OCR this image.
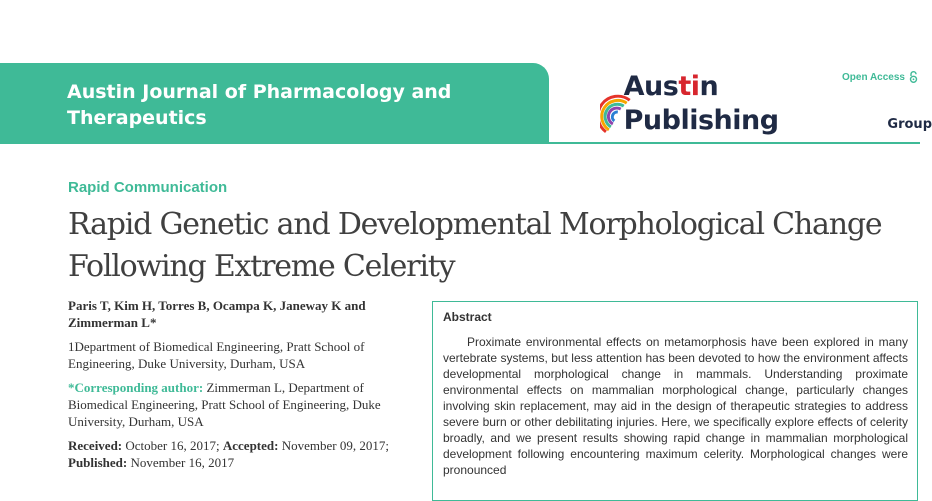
Austin Journal of Pharmacology and Therapeutics
Open Access
Austin Publishing	Group
Rapid Communication
Rapid Genetic and Developmental Morphological Change Following Extreme Celerity

Paris T, Kim H, Torres B, Ocampa K, Janeway K and Zimmerman L*

1Department of Biomedical Engineering, Pratt School of Engineering, Duke University, Durham, USA

*Corresponding author: Zimmerman L, Department of Biomedical Engineering, Pratt School of Engineering, Duke University, Durham, USA

Received: October 16, 2017; Accepted: November 09, 2017; Published: November 16, 2017

Abstract

Proximate environmental effects on metamorphosis have been explored in many vertebrate systems, but less attention has been devoted to how the environment affects developmental morphological change in mammals. Understanding proximate environmental effects on mammalian morphological change, particularly changes involving skin replacement, may aid in the design of therapeutic strategies to address severe burn or other debilitating injuries. Here, we specifically explore effects of celerity broadly, and we present results showing rapid change in mammalian morphological development following encountering maximum celerity. Morphological changes were pronounced
